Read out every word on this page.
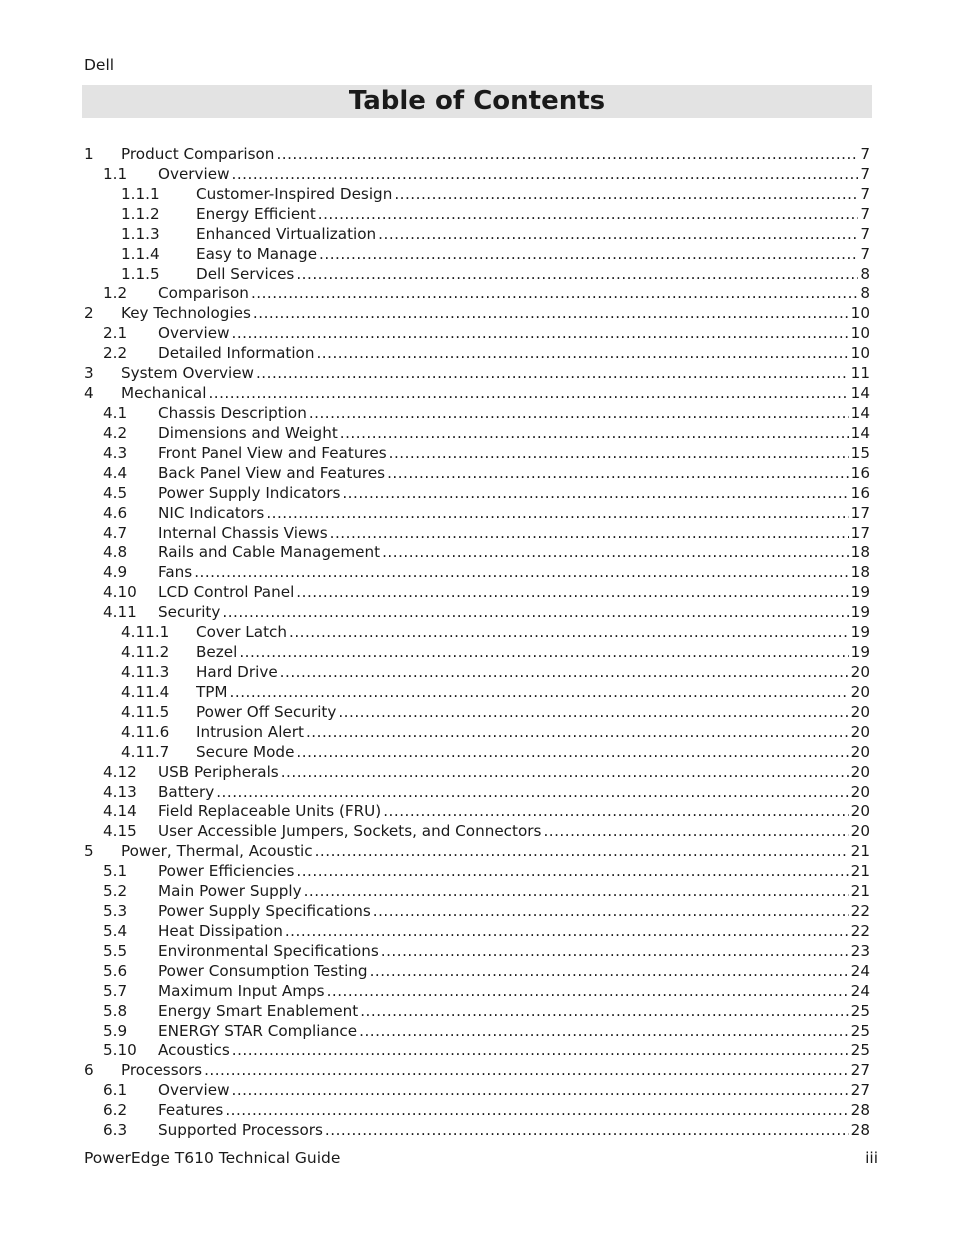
Dell
Table of Contents
1 Product Comparison .....	7
1.1 Overview .....	7
1.1.1 Customer-Inspired Design .....	7
1.1.2 Energy Efficient .....	7
1.1.3 Enhanced Virtualization .....	7
1.1.4 Easy to Manage .....	7
1.1.5 Dell Services .....	8
1.2 Comparison .....	8
2 Key Technologies .....	10
2.1 Overview .....	10
2.2 Detailed Information .....	10
3 System Overview .....	11
4 Mechanical .....	14
4.1 Chassis Description .....	14
4.2 Dimensions and Weight .....	14
4.3 Front Panel View and Features .....	15
4.4 Back Panel View and Features .....	16
4.5 Power Supply Indicators .....	16
4.6 NIC Indicators .....	17
4.7 Internal Chassis Views .....	17
4.8 Rails and Cable Management .....	18
4.9 Fans .....	18
4.10 LCD Control Panel .....	19
4.11 Security .....	19
4.11.1 Cover Latch .....	19
4.11.2 Bezel .....	19
4.11.3 Hard Drive .....	20
4.11.4 TPM .....	20
4.11.5 Power Off Security .....	20
4.11.6 Intrusion Alert .....	20
4.11.7 Secure Mode .....	20
4.12 USB Peripherals .....	20
4.13 Battery .....	20
4.14 Field Replaceable Units (FRU) .....	20
4.15 User Accessible Jumpers, Sockets, and Connectors .....	20
5 Power, Thermal, Acoustic .....	21
5.1 Power Efficiencies .....	21
5.2 Main Power Supply .....	21
5.3 Power Supply Specifications .....	22
5.4 Heat Dissipation .....	22
5.5 Environmental Specifications .....	23
5.6 Power Consumption Testing .....	24
5.7 Maximum Input Amps .....	24
5.8 Energy Smart Enablement .....	25
5.9 ENERGY STAR Compliance .....	25
5.10 Acoustics .....	25
6 Processors .....	27
6.1 Overview .....	27
6.2 Features .....	28
6.3 Supported Processors .....	28
PowerEdge T610 Technical Guide	iii
